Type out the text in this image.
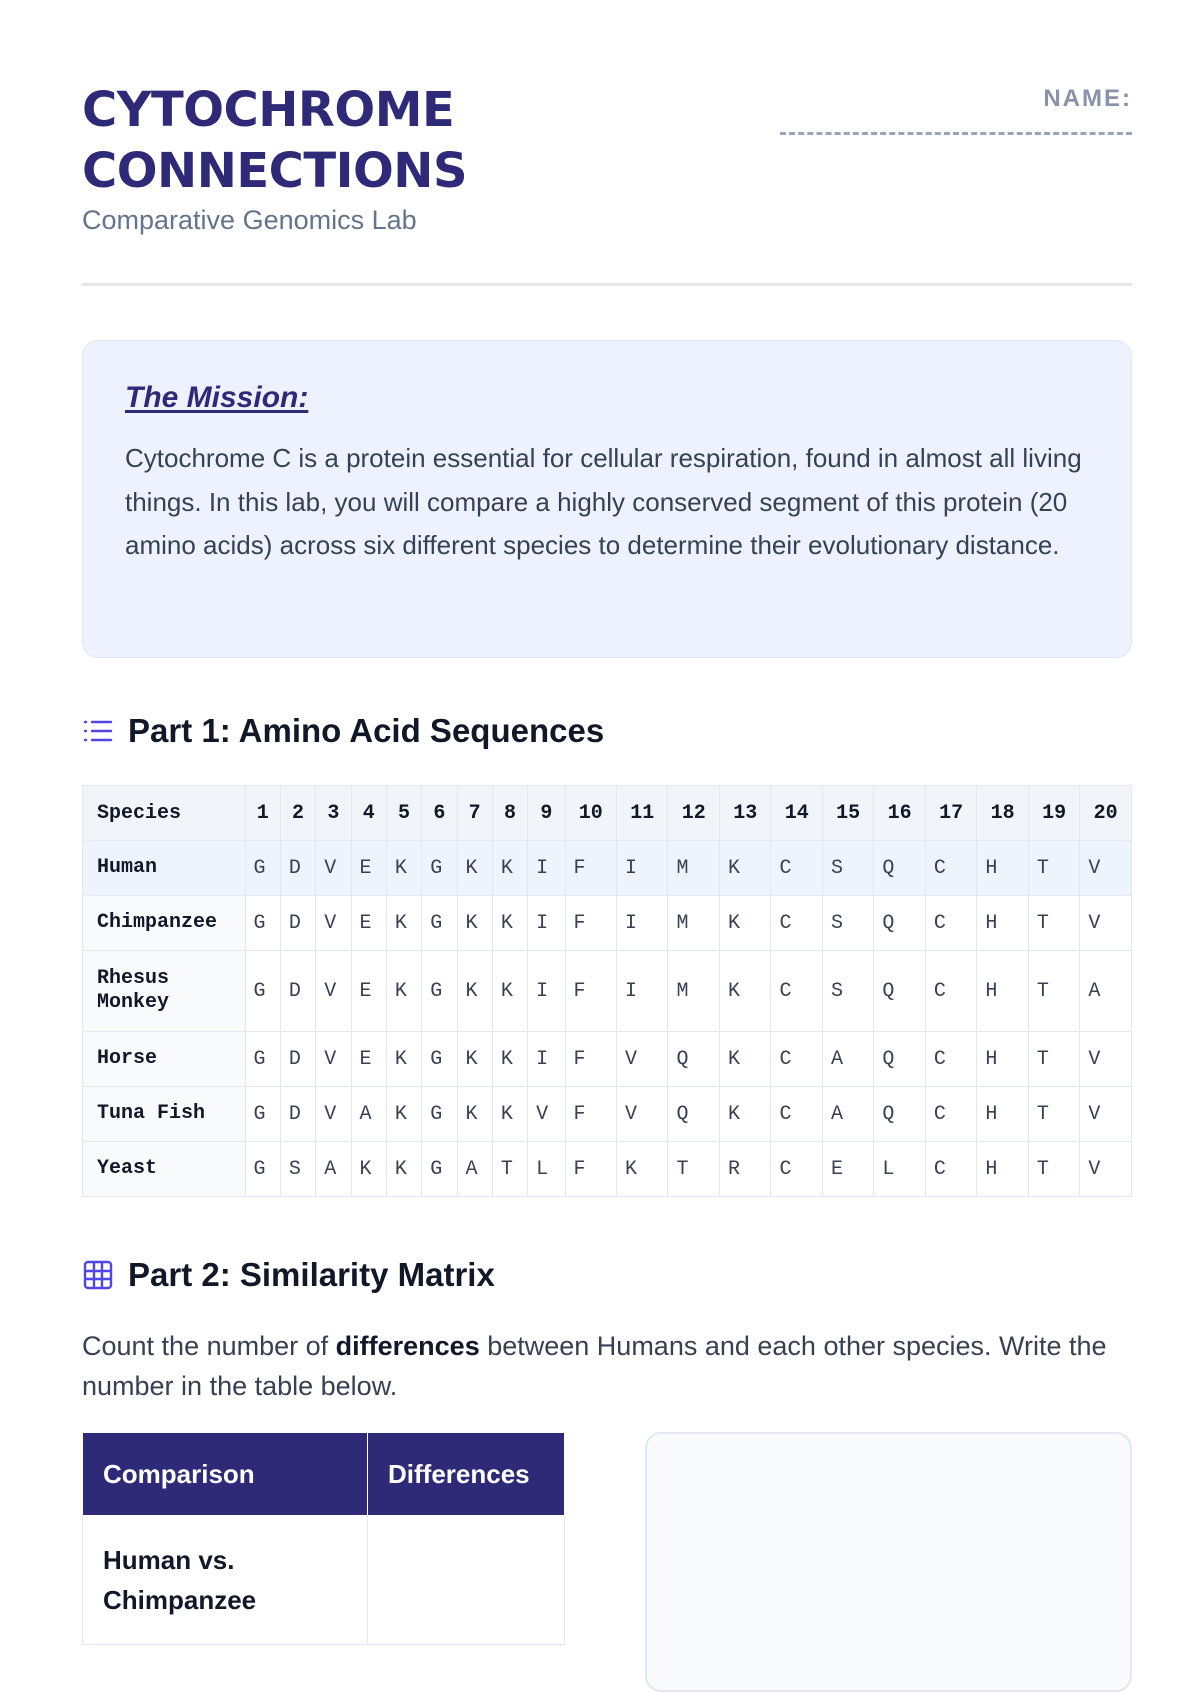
CYTOCHROME CONNECTIONS
Comparative Genomics Lab
NAME:
The Mission:

Cytochrome C is a protein essential for cellular respiration, found in almost all living things. In this lab, you will compare a highly conserved segment of this protein (20 amino acids) across six different species to determine their evolutionary distance.

Part 1: Amino Acid Sequences
Species	1	2	3	4	5	6	7	8	9	10	11	12	13	14	15	16	17	18	19	20
Human	G	D	V	E	K	G	K	K	I	F	I	M	K	C	S	Q	C	H	T	V
Chimpanzee	G	D	V	E	K	G	K	K	I	F	I	M	K	C	S	Q	C	H	T	V
Rhesus Monkey	G	D	V	E	K	G	K	K	I	F	I	M	K	C	S	Q	C	H	T	A
Horse	G	D	V	E	K	G	K	K	I	F	V	Q	K	C	A	Q	C	H	T	V
Tuna Fish	G	D	V	A	K	G	K	K	V	F	V	Q	K	C	A	Q	C	H	T	V
Yeast	G	S	A	K	K	G	A	T	L	F	K	T	R	C	E	L	C	H	T	V
Part 2: Similarity Matrix

Count the number of differences between Humans and each other species. Write the number in the table below.

Comparison	Differences
Human vs. Chimpanzee	
